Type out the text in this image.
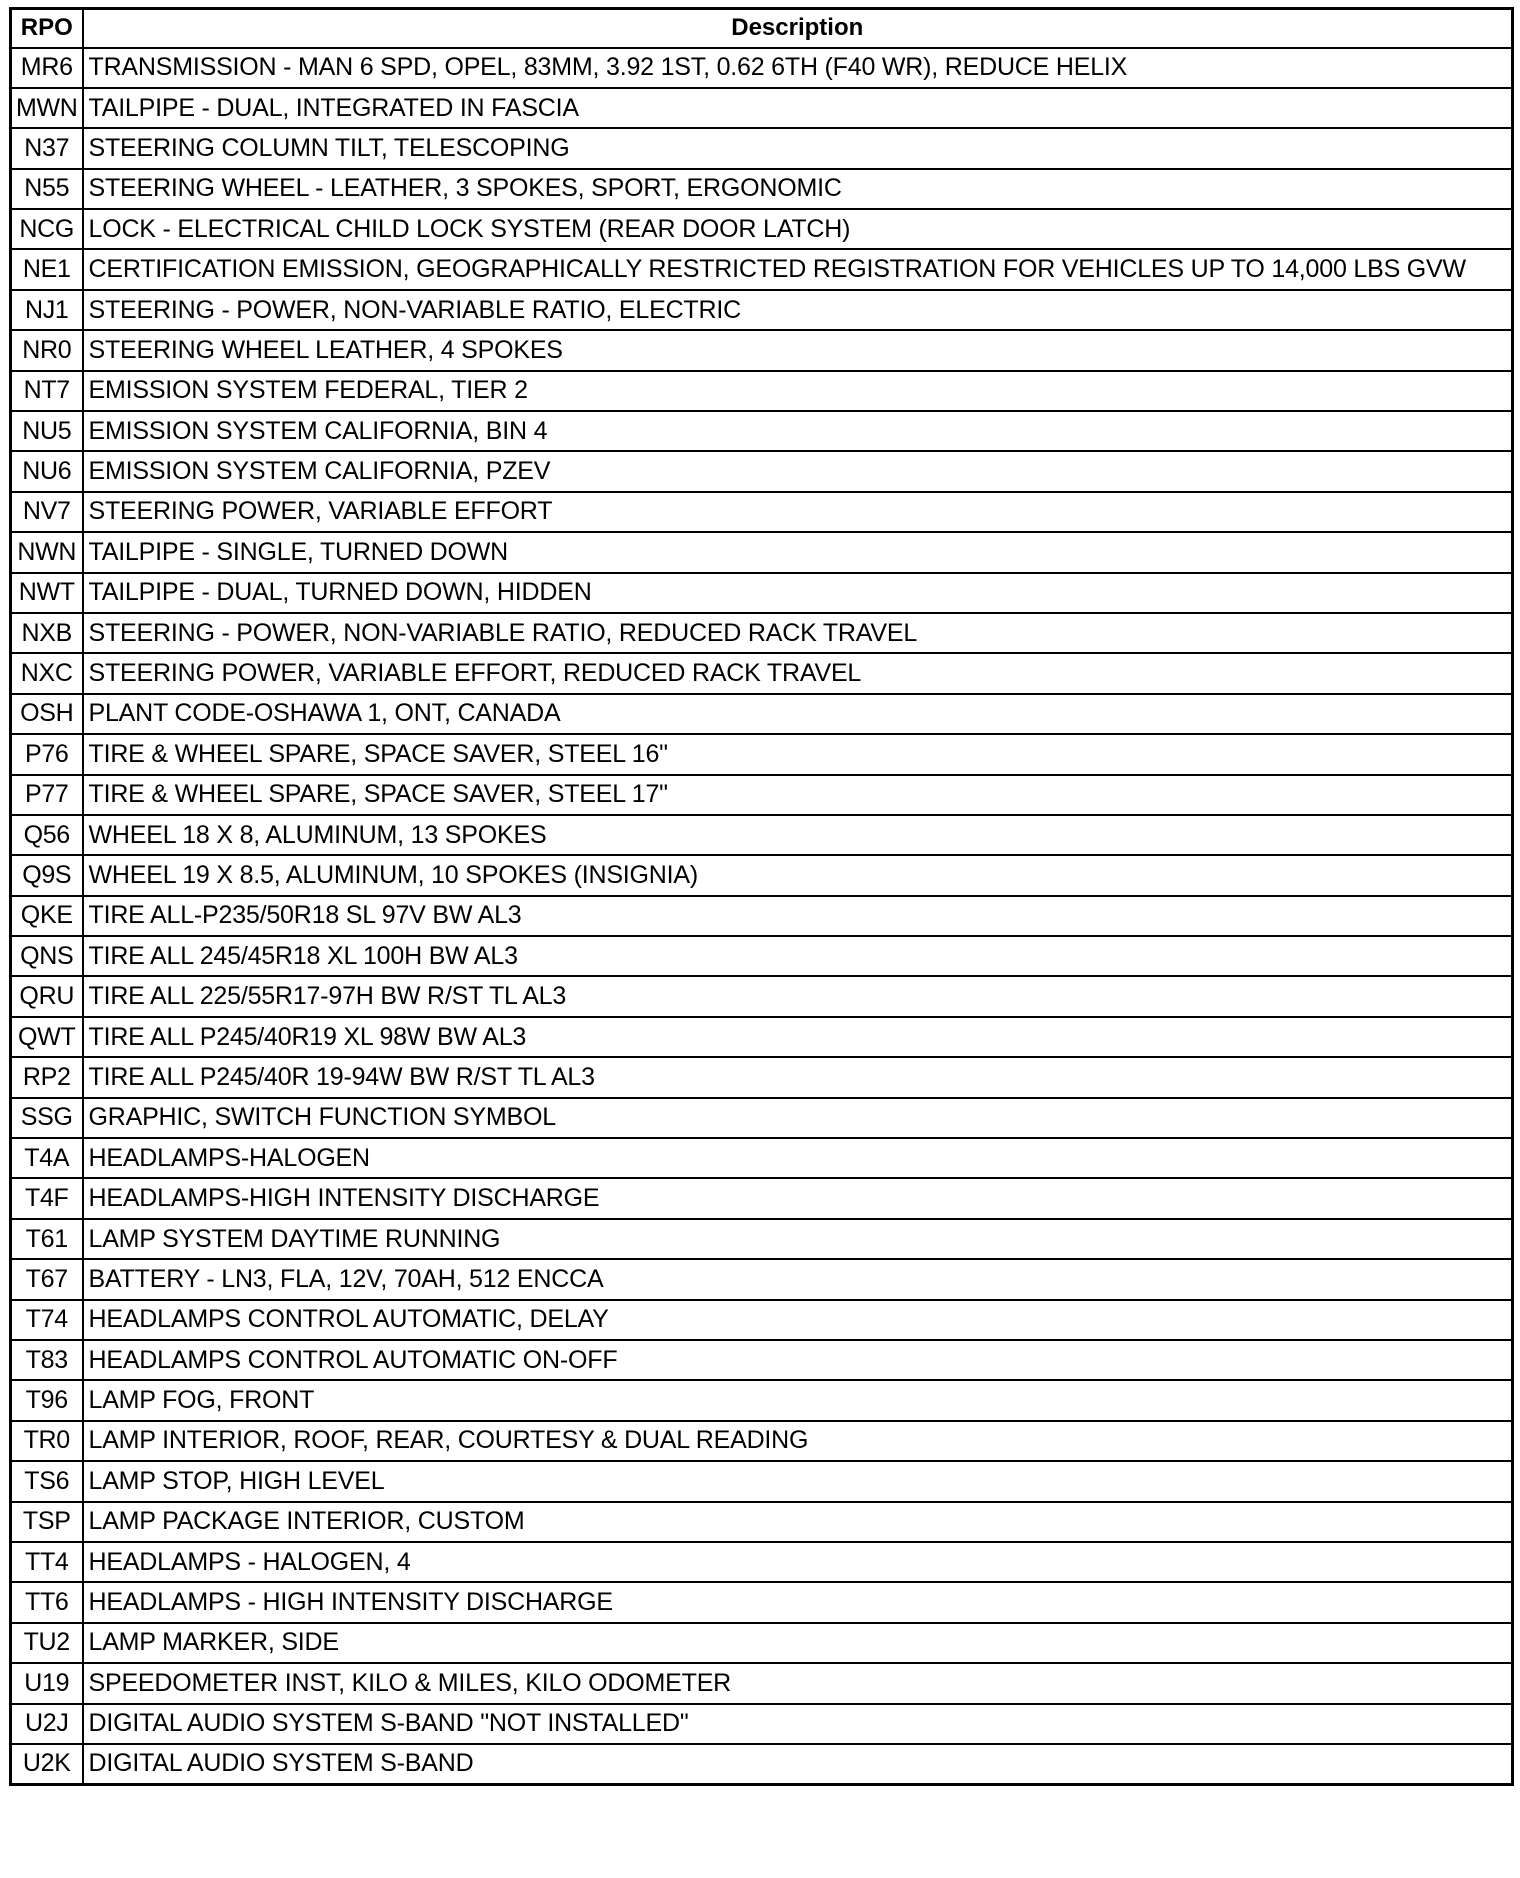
RPO	Description
MR6	TRANSMISSION - MAN 6 SPD, OPEL, 83MM, 3.92 1ST, 0.62 6TH (F40 WR), REDUCE HELIX
MWN	TAILPIPE - DUAL, INTEGRATED IN FASCIA
N37	STEERING COLUMN TILT, TELESCOPING
N55	STEERING WHEEL - LEATHER, 3 SPOKES, SPORT, ERGONOMIC
NCG	LOCK - ELECTRICAL CHILD LOCK SYSTEM (REAR DOOR LATCH)
NE1	CERTIFICATION EMISSION, GEOGRAPHICALLY RESTRICTED REGISTRATION FOR VEHICLES UP TO 14,000 LBS GVW
NJ1	STEERING - POWER, NON-VARIABLE RATIO, ELECTRIC
NR0	STEERING WHEEL LEATHER, 4 SPOKES
NT7	EMISSION SYSTEM FEDERAL, TIER 2
NU5	EMISSION SYSTEM CALIFORNIA, BIN 4
NU6	EMISSION SYSTEM CALIFORNIA, PZEV
NV7	STEERING POWER, VARIABLE EFFORT
NWN	TAILPIPE - SINGLE, TURNED DOWN
NWT	TAILPIPE - DUAL, TURNED DOWN, HIDDEN
NXB	STEERING - POWER, NON-VARIABLE RATIO, REDUCED RACK TRAVEL
NXC	STEERING POWER, VARIABLE EFFORT, REDUCED RACK TRAVEL
OSH	PLANT CODE-OSHAWA 1, ONT, CANADA
P76	TIRE & WHEEL SPARE, SPACE SAVER, STEEL 16"
P77	TIRE & WHEEL SPARE, SPACE SAVER, STEEL 17"
Q56	WHEEL 18 X 8, ALUMINUM, 13 SPOKES
Q9S	WHEEL 19 X 8.5, ALUMINUM, 10 SPOKES (INSIGNIA)
QKE	TIRE ALL-P235/50R18 SL 97V BW AL3
QNS	TIRE ALL 245/45R18 XL 100H BW AL3
QRU	TIRE ALL 225/55R17-97H BW R/ST TL AL3
QWT	TIRE ALL P245/40R19 XL 98W BW AL3
RP2	TIRE ALL P245/40R 19-94W BW R/ST TL AL3
SSG	GRAPHIC, SWITCH FUNCTION SYMBOL
T4A	HEADLAMPS-HALOGEN
T4F	HEADLAMPS-HIGH INTENSITY DISCHARGE
T61	LAMP SYSTEM DAYTIME RUNNING
T67	BATTERY - LN3, FLA, 12V, 70AH, 512 ENCCA
T74	HEADLAMPS CONTROL AUTOMATIC, DELAY
T83	HEADLAMPS CONTROL AUTOMATIC ON-OFF
T96	LAMP FOG, FRONT
TR0	LAMP INTERIOR, ROOF, REAR, COURTESY & DUAL READING
TS6	LAMP STOP, HIGH LEVEL
TSP	LAMP PACKAGE INTERIOR, CUSTOM
TT4	HEADLAMPS - HALOGEN, 4
TT6	HEADLAMPS - HIGH INTENSITY DISCHARGE
TU2	LAMP MARKER, SIDE
U19	SPEEDOMETER INST, KILO & MILES, KILO ODOMETER
U2J	DIGITAL AUDIO SYSTEM S-BAND "NOT INSTALLED"
U2K	DIGITAL AUDIO SYSTEM S-BAND
